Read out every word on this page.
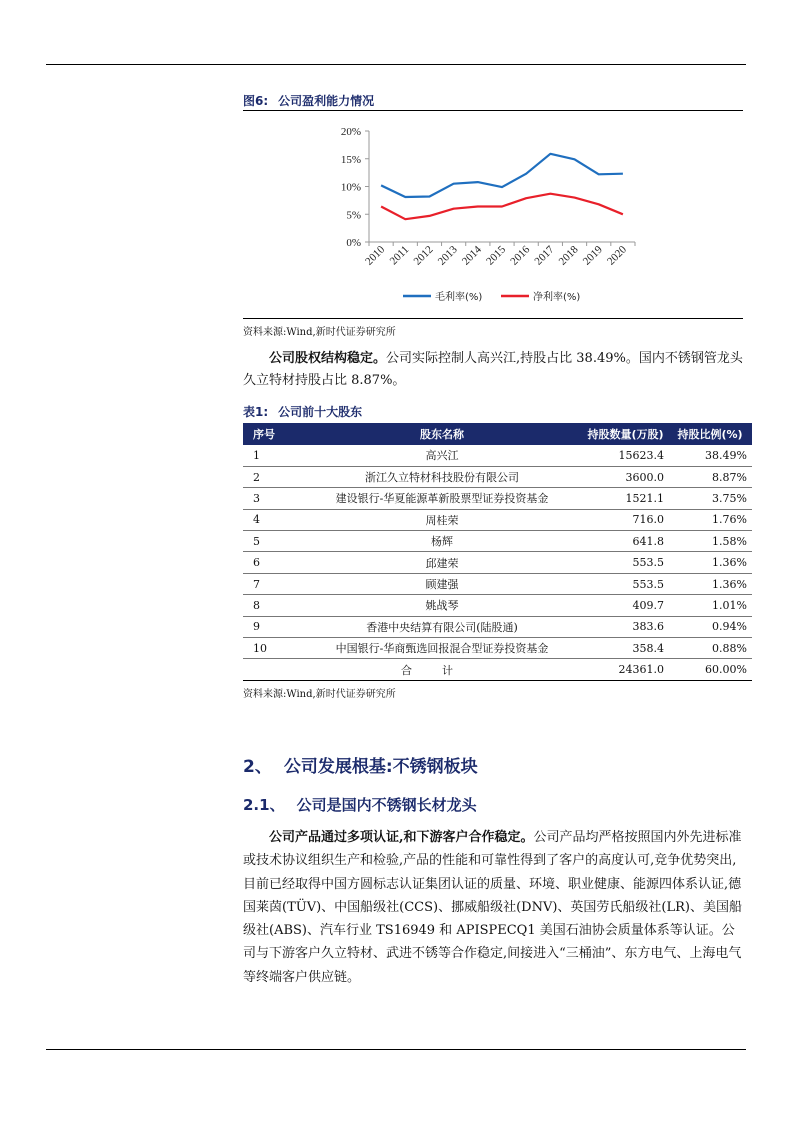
图6: 公司盈利能力情况
0%
5%
10%
15%
20%
2010 2011 2012 2013 2014 2015 2016 2017 2018 2019 2020
毛利率(%)	净利率(%)
资料来源:Wind,新时代证券研究所
公司股权结构稳定。公司实际控制人高兴江,持股占比 38.49%。国内不锈钢管龙头久立特材持股占比 8.87%。
表1: 公司前十大股东
序号	股东名称	持股数量(万股)	持股比例(%)
1	高兴江	15623.4	38.49%
2	浙江久立特材科技股份有限公司	3600.0	8.87%
3	建设银行-华夏能源革新股票型证券投资基金	1521.1	3.75%
4	周桂荣	716.0	1.76%
5	杨辉	641.8	1.58%
6	邱建荣	553.5	1.36%
7	顾建强	553.5	1.36%
8	姚战琴	409.7	1.01%
9	香港中央结算有限公司(陆股通)	383.6	0.94%
10	中国银行-华商甄选回报混合型证券投资基金	358.4	0.88%
	合计	24361.0	60.00%
资料来源:Wind,新时代证券研究所
2、 公司发展根基:不锈钢板块
2.1、 公司是国内不锈钢长材龙头
公司产品通过多项认证,和下游客户合作稳定。公司产品均严格按照国内外先进标准或技术协议组织生产和检验,产品的性能和可靠性得到了客户的高度认可,竞争优势突出,目前已经取得中国方圆标志认证集团认证的质量、环境、职业健康、能源四体系认证,德国莱茵(TÜV)、中国船级社(CCS)、挪威船级社(DNV)、英国劳氏船级社(LR)、美国船级社(ABS)、汽车行业 TS16949 和 APISPECQ1 美国石油协会质量体系等认证。公司与下游客户久立特材、武进不锈等合作稳定,间接进入“三桶油”、东方电气、上海电气等终端客户供应链。
